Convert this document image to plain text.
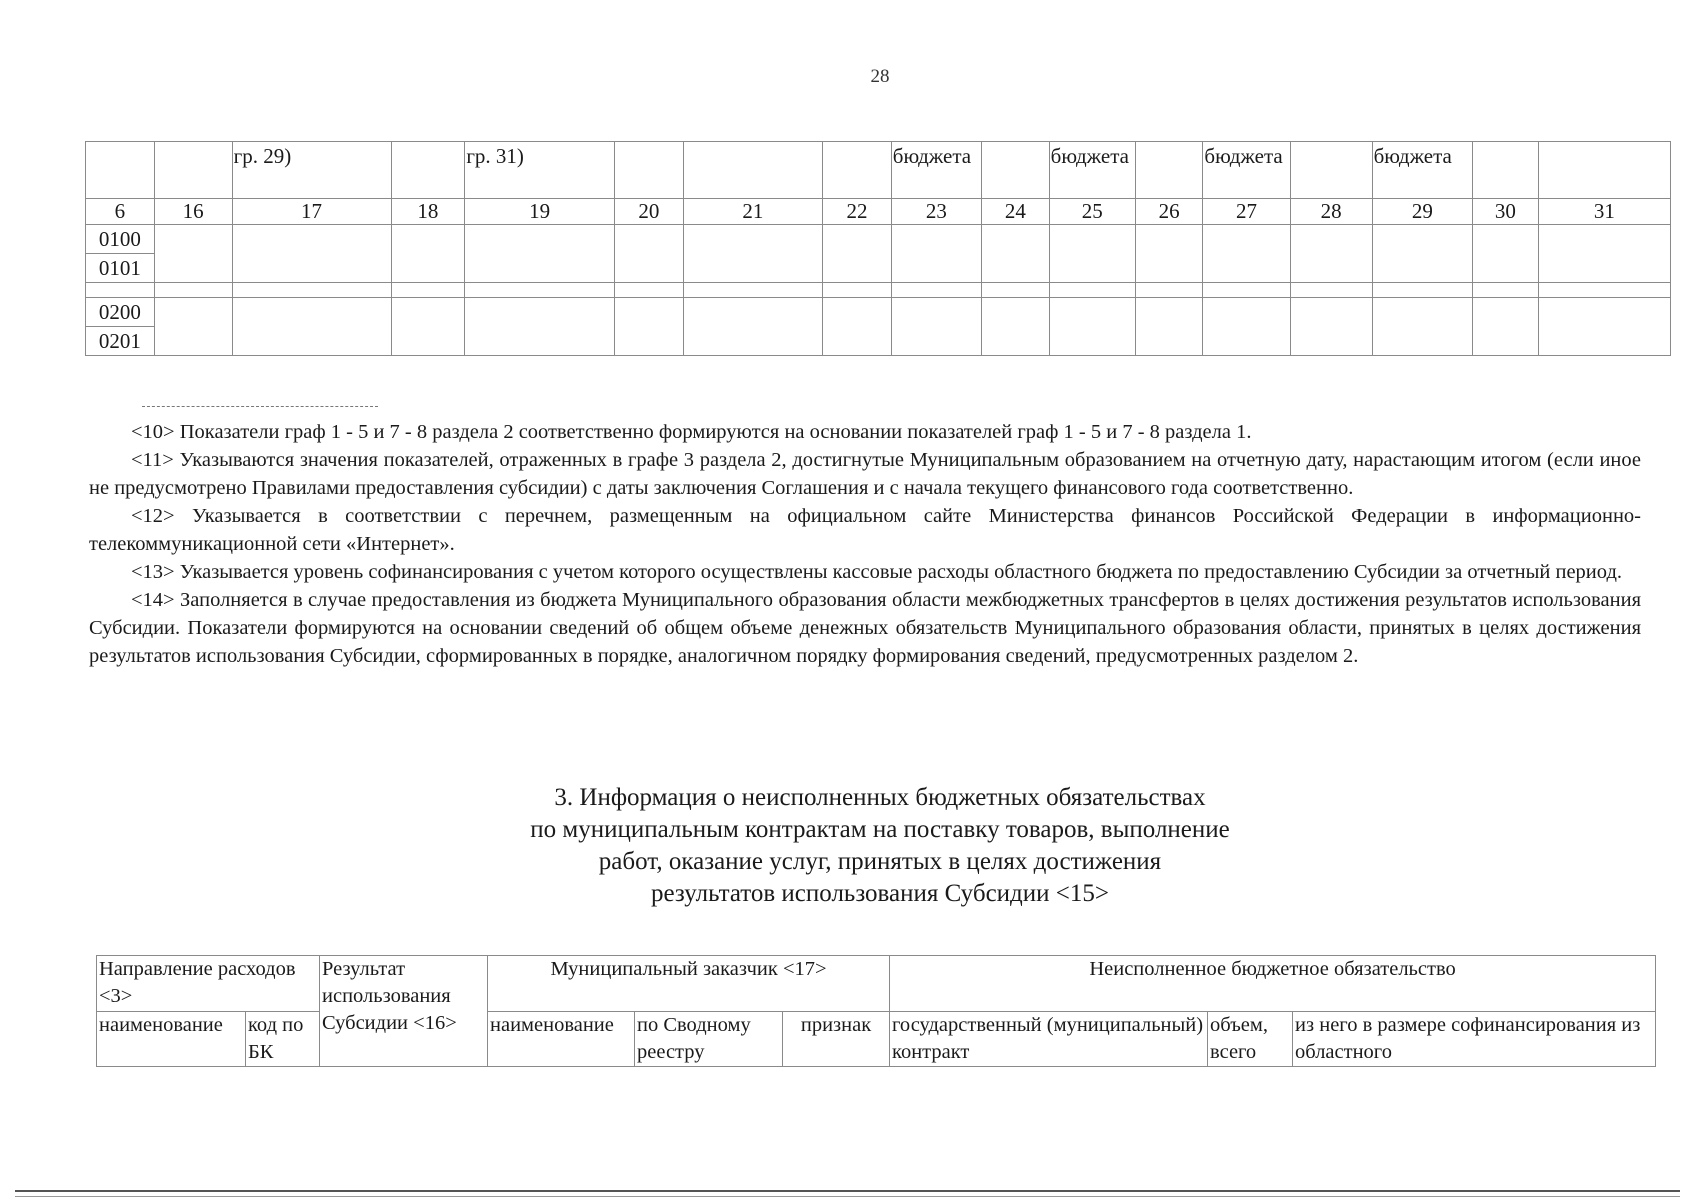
28
		гр. 29)		гр. 31)				бюджета		бюджета		бюджета		бюджета		
6	16	17	18	19	20	21	22	23	24	25	26	27	28	29	30	31
0100																
0101																

0200																
0201																

<10> Показатели граф 1 - 5 и 7 - 8 раздела 2 соответственно формируются на основании показателей граф 1 - 5 и 7 - 8 раздела 1.

<11> Указываются значения показателей, отраженных в графе 3 раздела 2, достигнутые Муниципальным образованием на отчетную дату, нарастающим итогом (если иное не предусмотрено Правилами предоставления субсидии) с даты заключения Соглашения и с начала текущего финансового года соответственно.

<12> Указывается в соответствии с перечнем, размещенным на официальном сайте Министерства финансов Российской Федерации в информационно-телекоммуникационной сети «Интернет».

<13> Указывается уровень софинансирования с учетом которого осуществлены кассовые расходы областного бюджета по предоставлению Субсидии за отчетный период.

<14> Заполняется в случае предоставления из бюджета Муниципального образования области межбюджетных трансфертов в целях достижения результатов использования Субсидии. Показатели формируются на основании сведений об общем объеме денежных обязательств Муниципального образования области, принятых в целях достижения результатов использования Субсидии, сформированных в порядке, аналогичном порядку формирования сведений, предусмотренных разделом 2.

3. Информация о неисполненных бюджетных обязательствах
по муниципальным контрактам на поставку товаров, выполнение
работ, оказание услуг, принятых в целях достижения
результатов использования Субсидии <15>
Направление расходов <3>		Результат использования Субсидии <16>	Муниципальный заказчик <17>			Неисполненное бюджетное обязательство		
наименование	код по БК		наименование	по Сводному реестру	признак	государственный (муниципальный) контракт	объем, всего	из него в размере софинансирования из областного
